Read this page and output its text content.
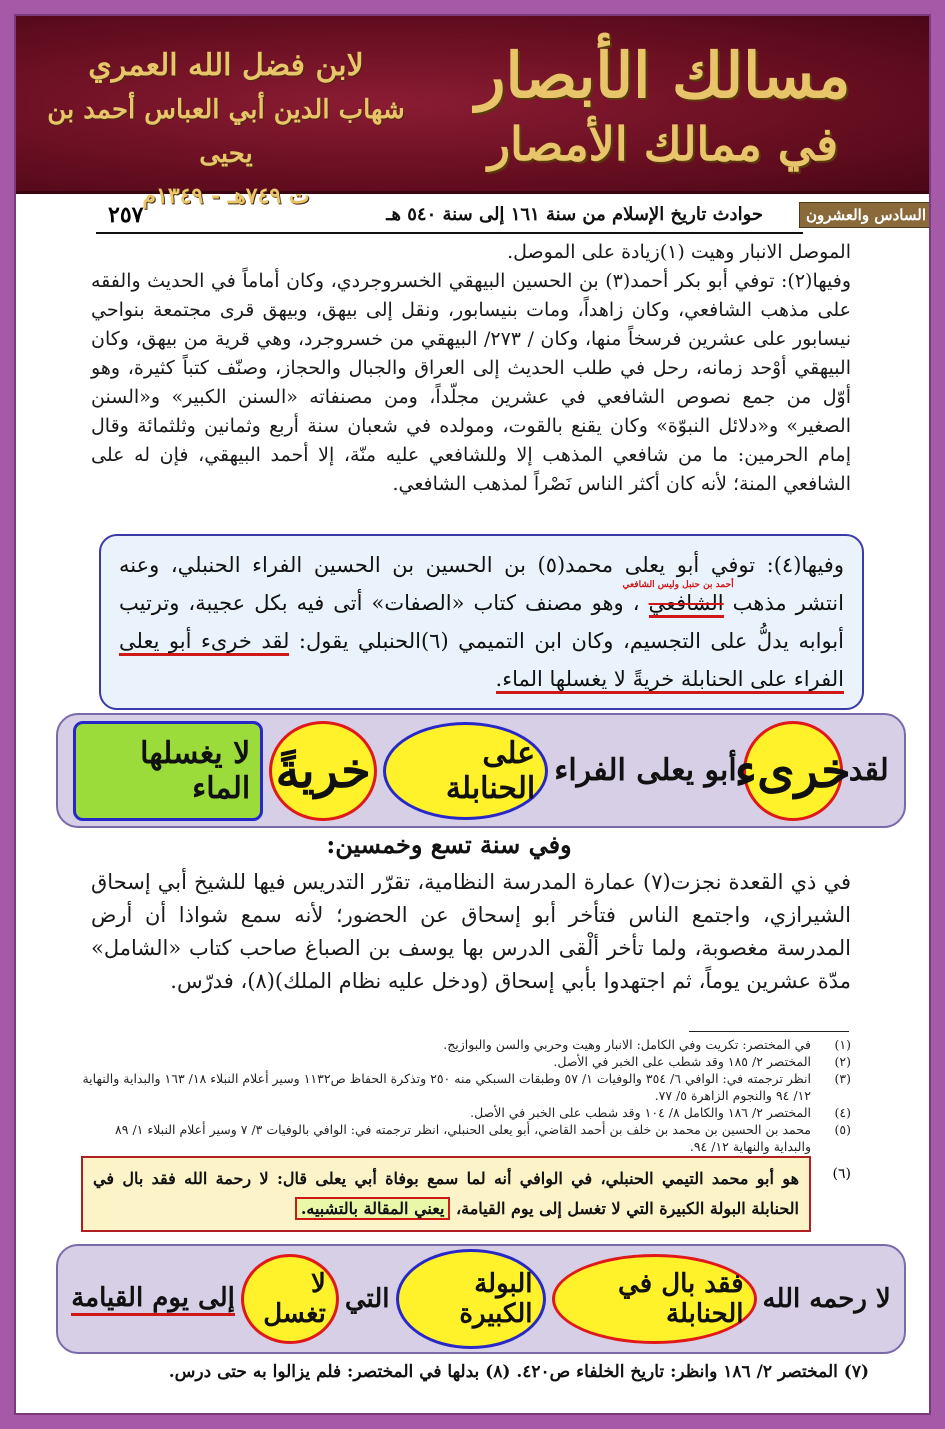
مسالك الأبصار
في ممالك الأمصار
لابن فضل الله العمري
شهاب الدين أبي العباس أحمد بن يحيى
ت ٧٤٩هـ - ١٣٤٩م
السادس والعشرون
حوادث تاريخ الإسلام من سنة ١٦١ إلى سنة ٥٤٠ هـ
٢٥٧

الموصل الانبار وهيت (١)زيادة على الموصل.

وفيها(٢): توفي أبو بكر أحمد(٣) بن الحسين البيهقي الخسروجردي، وكان أماماً في الحديث والفقه على مذهب الشافعي، وكان زاهداً، ومات بنيسابور، ونقل إلى بيهق، وبيهق قرى مجتمعة بنواحي نيسابور على عشرين فرسخاً منها، وكان / ٢٧٣/ البيهقي من خسروجرد، وهي قرية من بيهق، وكان البيهقي أوْحد زمانه، رحل في طلب الحديث إلى العراق والجبال والحجاز، وصنّف كتباً كثيرة، وهو أوّل من جمع نصوص الشافعي في عشرين مجلّداً، ومن مصنفاته «السنن الكبير» و«السنن الصغير» و«دلائل النبوّة» وكان يقنع بالقوت، ومولده في شعبان سنة أربع وثمانين وثلثمائة وقال إمام الحرمين: ما من شافعي المذهب إلا وللشافعي عليه منّة، إلا أحمد البيهقي، فإن له على الشافعي المنة؛ لأنه كان أكثر الناس نَصْراً لمذهب الشافعي.

وفيها(٤): توفي أبو يعلى محمد(٥) بن الحسين بن الحسين الفراء الحنبلي، وعنه انتشر مذهب
أحمد بن حنبل وليس الشافعي
الشافعي ، وهو مصنف كتاب «الصفات» أتى فيه بكل عجيبة، وترتيب أبوابه يدلُّ على التجسيم، وكان ابن التميمي (٦)الحنبلي يقول: لقد خرىء أبو يعلى الفراء على الحنابلة خريةً لا يغسلها الماء.
لقد
خرىء
أبو يعلى الفراء
على الحنابلة
خريةً
لا يغسلها الماء
وفي سنة تسع وخمسين:
في ذي القعدة نجزت(٧) عمارة المدرسة النظامية، تقرّر التدريس فيها للشيخ أبي إسحاق الشيرازي، واجتمع الناس فتأخر أبو إسحاق عن الحضور؛ لأنه سمع شواذا أن أرض المدرسة مغصوبة، ولما تأخر ألْقى الدرس بها يوسف بن الصباغ صاحب كتاب «الشامل» مدّة عشرين يوماً، ثم اجتهدوا بأبي إسحاق (ودخل عليه نظام الملك)(٨)، فدرّس.
(١)
في المختصر: تكريت وفي الكامل: الانبار وهيت وحربي والسن والبوازيج.
(٢)
المختصر ٢/ ١٨٥ وقد شطب على الخبر في الأصل.
(٣)
انظر ترجمته في: الوافي ٦/ ٣٥٤ والوفيات ١/ ٥٧ وطبقات السبكي منه ٢٥٠ وتذكرة الحفاظ ص١١٣٢ وسير أعلام النبلاء ١٨/ ١٦٣ والبداية والنهاية ١٢/ ٩٤ والنجوم الزاهرة ٥/ ٧٧.
(٤)
المختصر ٢/ ١٨٦ والكامل ٨/ ١٠٤ وقد شطب على الخبر في الأصل.
(٥)
محمد بن الحسين بن محمد بن خلف بن أحمد القاضي، أبو يعلى الحنبلي، انظر ترجمته في: الوافي بالوفيات ٣/ ٧ وسير أعلام النبلاء ١/ ٨٩ والبداية والنهاية ١٢/ ٩٤.
(٦)
هو أبو محمد التيمي الحنبلي، في الوافي أنه لما سمع بوفاة أبي يعلى قال: لا رحمة الله فقد بال في الحنابلة البولة الكبيرة التي لا تغسل إلى يوم القيامة، يعني المقالة بالتشبيه.
لا رحمه الله
فقد بال في الحنابلة
البولة الكبيرة
التي
لا تغسل
إلى يوم القيامة
(٧) المختصر ٢/ ١٨٦ وانظر: تاريخ الخلفاء ص٤٢٠. (٨) بدلها في المختصر: فلم يزالوا به حتى درس.
